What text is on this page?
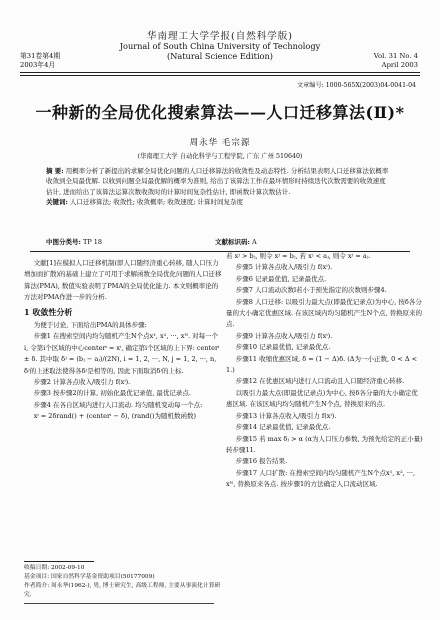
华南理工大学学报(自然科学版)
Journal of South China University of Technology
(Natural Science Edition)
第31卷第4期
2003年4月
Vol. 31 No. 4
April 2003
文章编号: 1000-565X(2003)04-0041-04
一种新的全局优化搜索算法——人口迁移算法(Ⅱ)*
周永华 毛宗源
(华南理工大学 自动化科学与工程学院, 广东 广州 510640)
摘 要: 用概率分析了新提出的求解全局优化问题的人口迁移算法的收敛性及动态特性. 分析结果表明人口迁移算法依概率收敛到全局最优解. 以收到问题全局最优解的概率为准则, 给出了该算法工作在最坏情形时持续迭代次数需要的收敛速度估计, 进而给出了该算法运算次数收敛时的计算时间复杂性估计, 即函数计算次数估计.
关键词: 人口迁移算法; 收敛性; 收敛概率; 收敛速度; 计算时间复杂度
中图分类号: TP 18	文献标识码: A

文献[1]在模拟人口迁移机制(即人口随经济重心转移, 随人口压力增加而扩散)的基础上建立了可用于求解函数全局优化问题的人口迁移算法(PMA), 数值实验表明了PMA的全局优化能力. 本文则概率论的方法对PMA作进一步的分析.

1 收敛性分析

为便于讨论, 下面给出PMA的具体步骤:

步骤1 在搜索空间内均匀随机产生N个点x¹, x², ···, xᴺ. 对每一个i, 令第i个区域的中心centerⁱ = xⁱ, 确定第i个区域的上下界: centerⁱ ± δ. 其中取 δʲ = (bⱼ − aⱼ)/(2N), i = 1, 2, ···, N, j = 1, 2, ···, n, δʲ的上述取法使得各δʲ是相等的, 因此下面取消δʲ的上标.

步骤2 计算各点收入/吸引力 f(xⁱ).

步骤3 按步骤2的计算, 初始化最优记录值, 最优记录点.

步骤4 在各自区域内进行人口流动. 均匀随机变动每一个点:

xⁱ = 2δrand() + (centerⁱ − δ), (rand()为随机数函数)

收稿日期: 2002-09-10
基金项目: 国家自然科学基金资助项目(50177009)
作者简介: 周永华(1962-), 男, 博士研究生, 高级工程师, 主要从事演化计算研究.

若 xʲ > bⱼ, 则令 xʲ = bⱼ, 若 xʲ < aⱼ, 则令 xʲ = aⱼ.

步骤5 计算各点收入/吸引力 f(xⁱ).

步骤6 记录最优值, 记录最优点.

步骤7 人口流动次数l若小于预先指定的次数则步骤4.

步骤8 人口迁移: 以吸引力最大点(即最优记录点)为中心, 按δ各分量的大小确定优惠区域. 在该区域内均匀随机产生N个点, 替换原来的点.

步骤9 计算各点收入/吸引力 f(xⁱ).

步骤10 记录最优值, 记录最优点.

步骤11 收缩优惠区域, δ = (1 − Δ)δ. (Δ为一小正数, 0 < Δ < 1.)

步骤12 在优惠区域内进行人口流动且人口随经济重心转移.

以吸引力最大点(即最优记录点)为中心, 按δ各分量的大小确定优惠区域. 在该区域内均匀随机产生N个点, 替换原来的点.

步骤13 计算各点收入/吸引力 f(xⁱ).

步骤14 记录最优值, 记录最优点.

步骤15 若 max δⱼ > α (α为人口压力参数, 为预先给定的正小量)转步骤11.

步骤16 报告结果.

步骤17 人口扩散: 在搜索空间内均匀随机产生N个点x¹, x², ···, xᴺ, 替换原来各点. 按步骤1的方法确定人口流动区域.
